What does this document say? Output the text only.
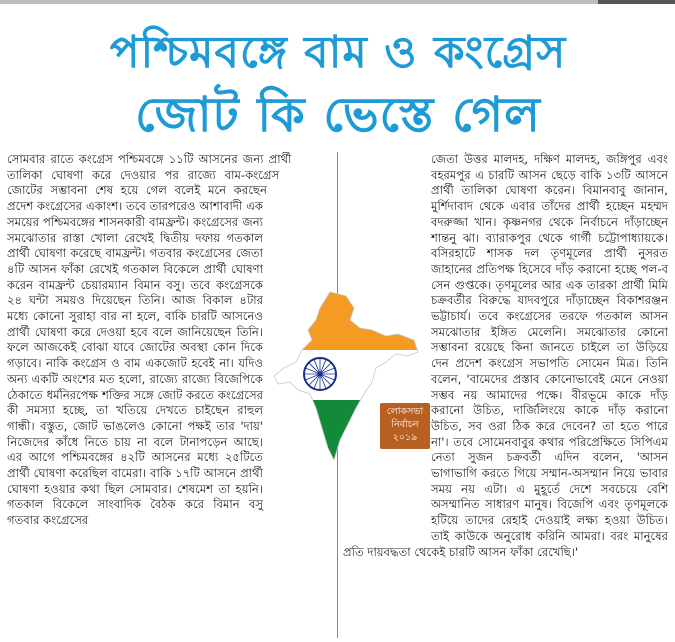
পশ্চিমবঙ্গে বাম ও কংগ্রেস
জোট কি ভেস্তে গেল

সোমবার রাতে কংগ্রেস পশ্চিমবঙ্গে ১১টি আসনের জন্য প্রার্থী তালিকা ঘোষণা করে দেওয়ার পর রাজ্যে বাম-কংগ্রেস জোটের সম্ভাবনা শেষ হয়ে গেল বলেই মনে করছেন প্রদেশ কংগ্রেসের একাংশ। তবে তারপরেও আশাবাদী এক সময়ের পশ্চিমবঙ্গের শাসনকারী বামফ্রন্ট। কংগ্রেসের জন্য সমঝোতার রাস্তা খোলা রেখেই দ্বিতীয় দফায় গতকাল প্রার্থী ঘোষণা করেছে বামফ্রন্ট। গতবার কংগ্রেসের জেতা ৪টি আসন ফাঁকা রেখেই গতকাল বিকেলে প্রার্থী ঘোষণা করেন বামফ্রন্ট চেয়ারম্যান বিমান বসু। তবে কংগ্রেসকে ২৪ ঘন্টা সময়ও দিয়েছেন তিনি। আজ বিকাল ৪টার মধ্যে কোনো সুরাহা বার না হলে, বাকি চারটি আসনেও প্রার্থী ঘোষণা করে দেওয়া হবে বলে জানিয়েছেন তিনি। ফলে আজকেই বোঝা যাবে জোটের অবস্থা কোন দিকে গড়াবে। নাকি কংগ্রেস ও বাম একজোট হবেই না। যদিও অন্য একটি অংশের মত হলো, রাজ্যে রাজ্যে বিজেপিকে ঠেকাতে ধর্মনিরপেক্ষ শক্তির সঙ্গে জোট করতে কংগ্রেসের কী সমস্যা হচ্ছে, তা খতিয়ে দেখতে চাইছেন রাহুল গান্ধী। বস্তুত, জোট ভাঙলেও কোনো পক্ষই তার 'দায়' নিজেদের কাঁধে নিতে চায় না বলে টানাপড়েন আছে। এর আগে পশ্চিমবঙ্গের ৪২টি আসনের মধ্যে ২৫টিতে প্রার্থী ঘোষণা করেছিল বামেরা। বাকি ১৭টি আসনে প্রার্থী ঘোষণা হওয়ার কথা ছিল সোমবার। শেষমেশ তা হয়নি। গতকাল বিকেলে সাংবাদিক বৈঠক করে বিমান বসু গতবার কংগ্রেসের

জেতা উত্তর মালদহ, দক্ষিণ মালদহ, জঙ্গিপুর এবং বহরমপুর এ চারটি আসন ছেড়ে বাকি ১৩টি আসনে প্রার্থী তালিকা ঘোষণা করেন। বিমানবাবু জানান, মুর্শিদাবাদ থেকে এবার তাঁদের প্রার্থী হচ্ছেন মহম্মদ বদরুজ্জা খান। কৃষ্ণনগর থেকে নির্বাচনে দাঁড়াচ্ছেন শান্তনু ঝা। ব্যারাকপুর থেকে গার্গী চট্টোপাধ্যায়কে। বসিরহাটে শাসক দল তৃণমূলের প্রার্থী নুসরত জাহানের প্রতিপক্ষ হিসেবে দাঁড় করানো হচ্ছে পল-ব সেন গুপ্তকে। তৃণমূলের আর এক তারকা প্রার্থী মিমি চক্রবর্তীর বিরুদ্ধে যাদবপুরে দাঁড়াচ্ছেন বিকাশরঞ্জন ভট্টাচার্য। তবে কংগ্রেসের তরফে গতকাল আসন সমঝোতার ইঙ্গিত মেলেনি। সমঝোতার কোনো সম্ভাবনা রয়েছে কিনা জানতে চাইলে তা উড়িয়ে দেন প্রদেশ কংগ্রেস সভাপতি সোমেন মিত্র। তিনি বলেন, 'বামেদের প্রস্তাব কোনোভাবেই মেনে নেওয়া সম্ভব নয় আমাদের পক্ষে। বীরভূমে কাকে দাঁড় করানো উচিত, দার্জিলিংয়ে কাকে দাঁড় করানো উচিত, সব ওরা ঠিক করে দেবেন? তা হতে পারে না'। তবে সোমেনবাবুর কথার পরিপ্রেক্ষিতে সিপিএম নেতা সুজন চক্রবর্তী এদিন বলেন, 'আসন ভাগাভাগি করতে গিয়ে সম্মান-অসম্মান নিয়ে ভাবার সময় নয় এটা। এ মুহূর্তে দেশে সবচেয়ে বেশি অসম্মানিত সাধারণ মানুষ। বিজেপি এবং তৃণমূলকে হটিয়ে তাদের রেহাই দেওয়াই লক্ষ্য হওয়া উচিত। তাই কাউকে অনুরোধ করিনি আমরা। বরং মানুষের প্রতি দায়বদ্ধতা থেকেই চারটি আসন ফাঁকা রেখেছি।'

লোকসভা
নির্বাচন
২০১৯
